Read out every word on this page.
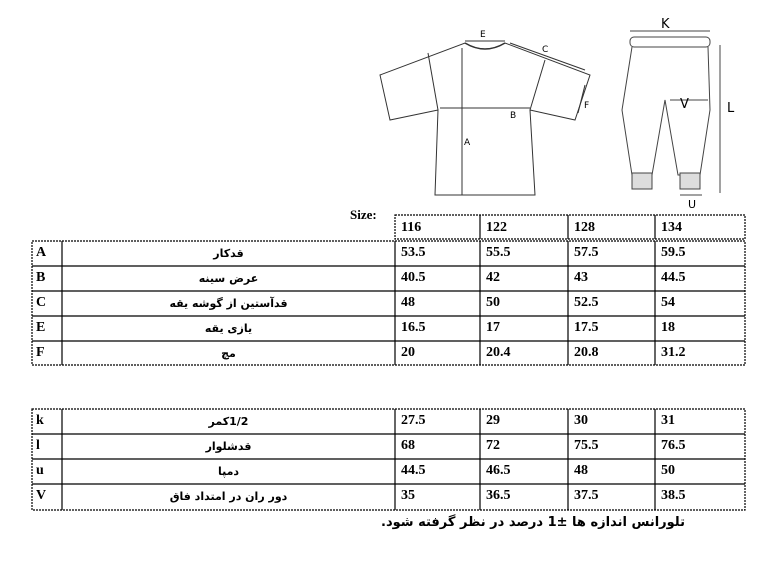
E
C
F
A
B
K
V	L
U
Size:
116	122	128	134
A	قدکار	53.5	55.5	57.5	59.5
B	عرض سینه	40.5	42	43	44.5
C	قدآستین از گوشه یقه	48	50	52.5	54
E	یازی یقه	16.5	17	17.5	18
F	مچ	20	20.4	20.8	31.2
k	1/2کمر	27.5	29	30	31
l	قدشلوار	68	72	75.5	76.5
u	دمپا	44.5	46.5	48	50
V	دور ران در امتداد فاق	35	36.5	37.5	38.5
تلورانس اندازه ها ±1 درصد در نظر گرفته شود.
